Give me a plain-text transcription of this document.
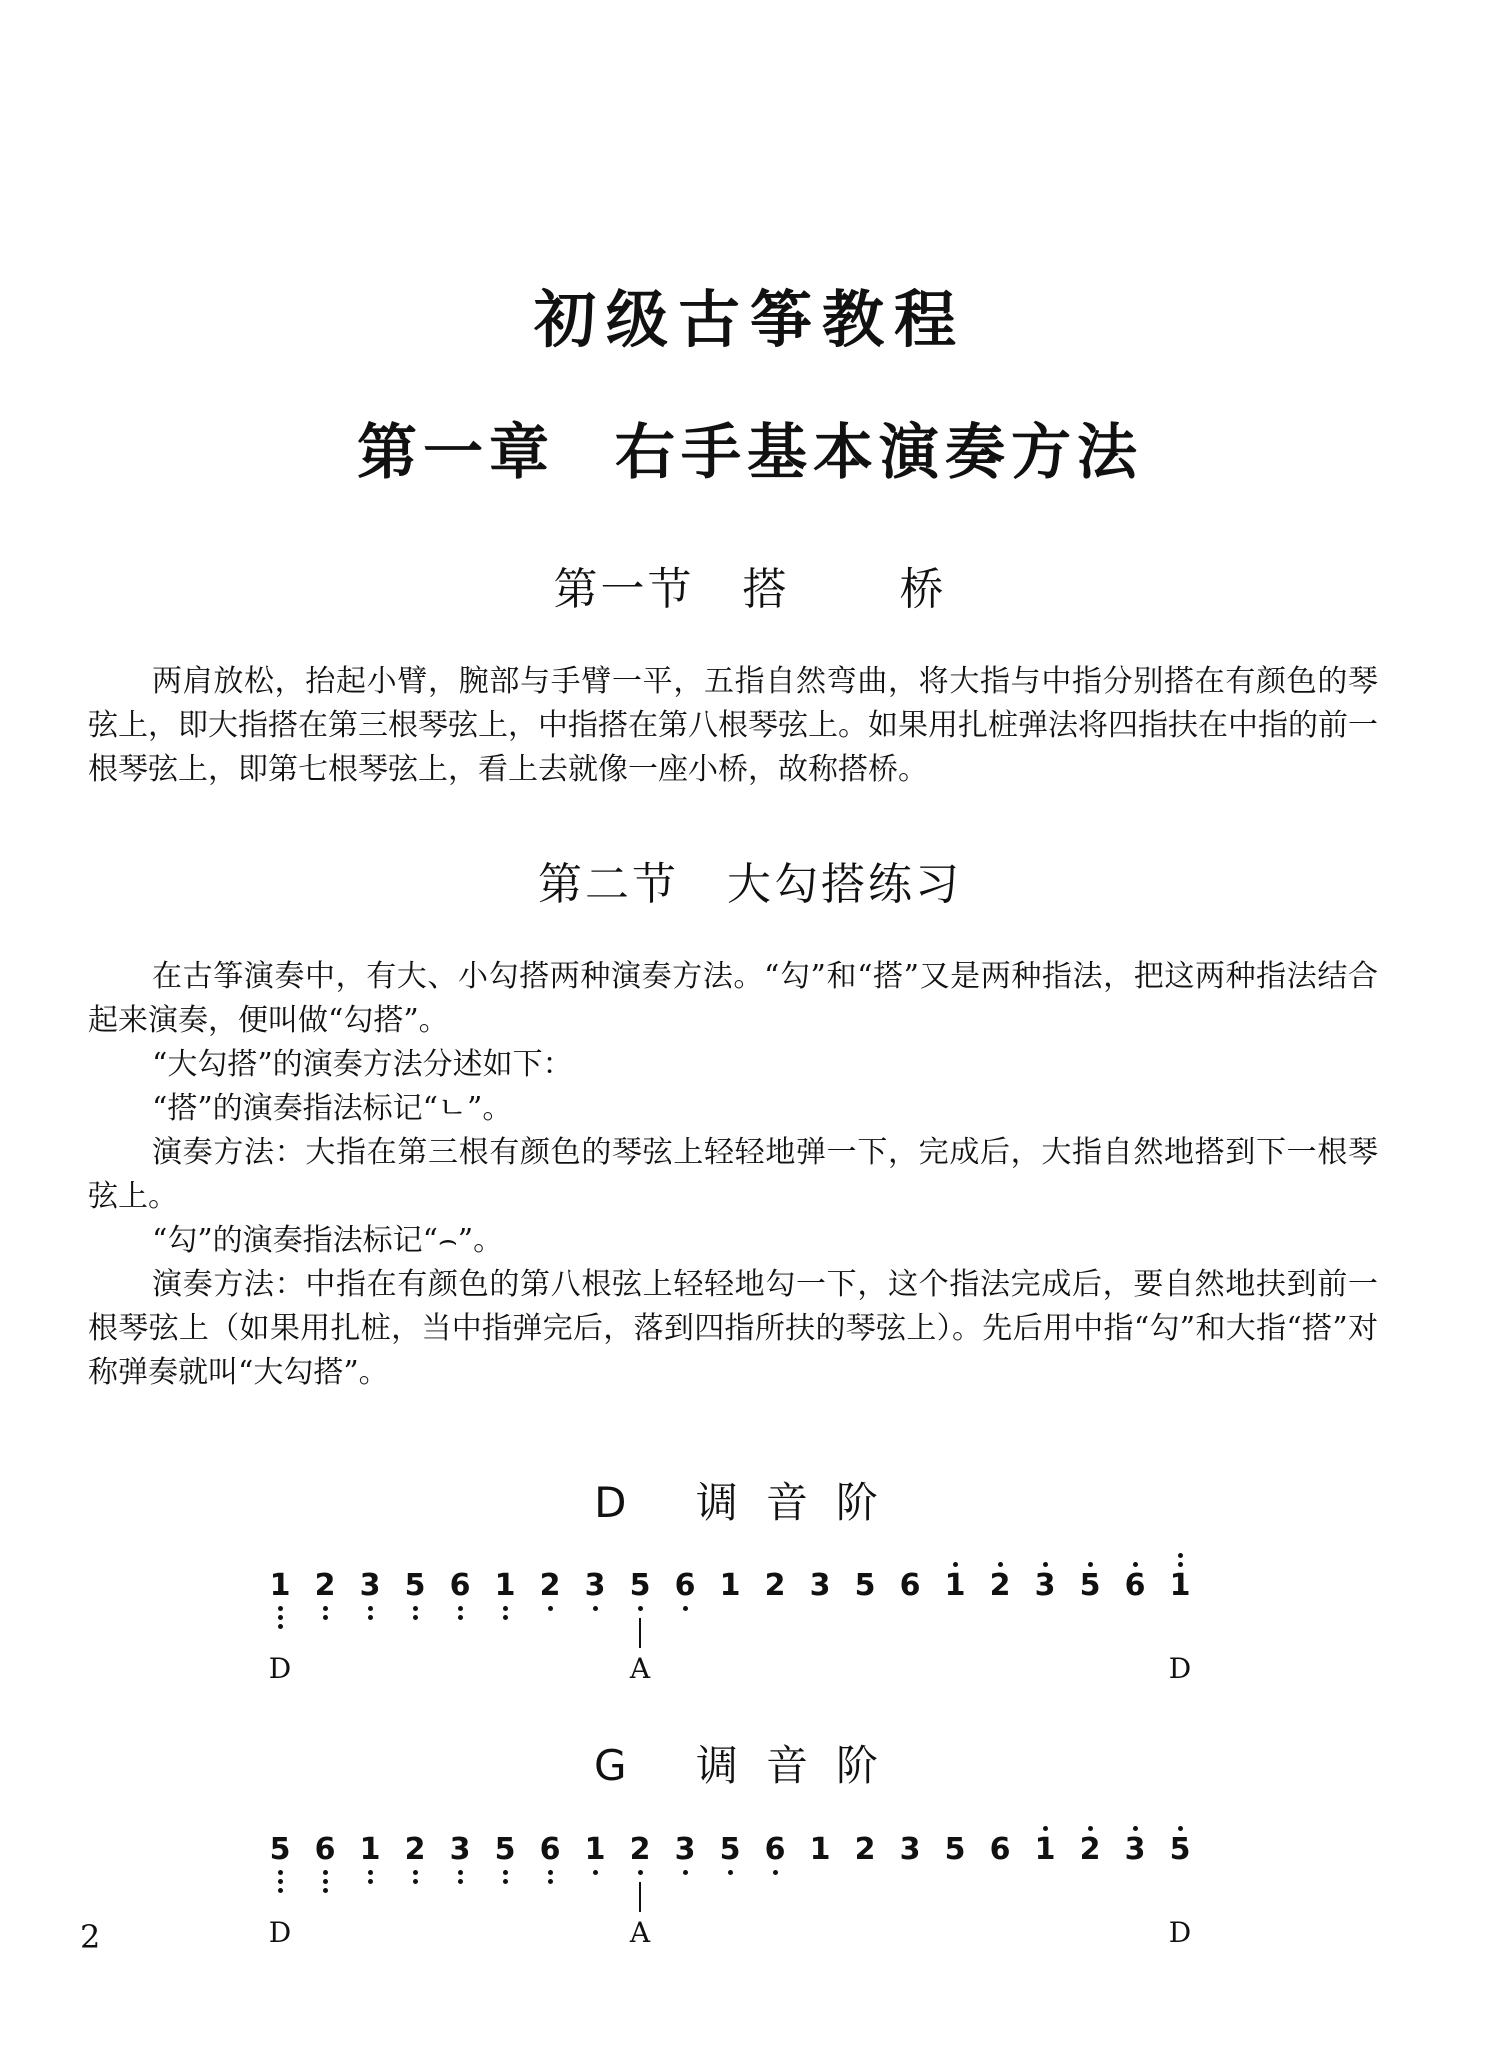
初级古筝教程
第一章 右手基本演奏方法
第一节 搭	桥

两肩放松，抬起小臂，腕部与手臂一平，五指自然弯曲，将大指与中指分别搭在有颜色的琴弦上，即大指搭在第三根琴弦上，中指搭在第八根琴弦上。如果用扎桩弹法将四指扶在中指的前一根琴弦上，即第七根琴弦上，看上去就像一座小桥，故称搭桥。

第二节 大勾搭练习

在古筝演奏中，有大、小勾搭两种演奏方法。“勾”和“搭”又是两种指法，把这两种指法结合起来演奏，便叫做“勾搭”。

“大勾搭”的演奏方法分述如下：

“搭”的演奏指法标记“ㄴ”。

演奏方法：大指在第三根有颜色的琴弦上轻轻地弹一下，完成后，大指自然地搭到下一根琴弦上。

“勾”的演奏指法标记“⌢”。

演奏方法：中指在有颜色的第八根弦上轻轻地勾一下，这个指法完成后，要自然地扶到前一根琴弦上（如果用扎桩，当中指弹完后，落到四指所扶的琴弦上）。先后用中指“勾”和大指“搭”对称弹奏就叫“大勾搭”。

D 调音阶
1 2 3 5 6 1 2 3 5 6 1 2 3 5 6 1 2 3 5 6 1
D	A	D
G 调音阶
5 6 1 2 3 5 6 1 2 3 5 6 1 2 3 5 6 1 2 3 5
D	A	D
2
